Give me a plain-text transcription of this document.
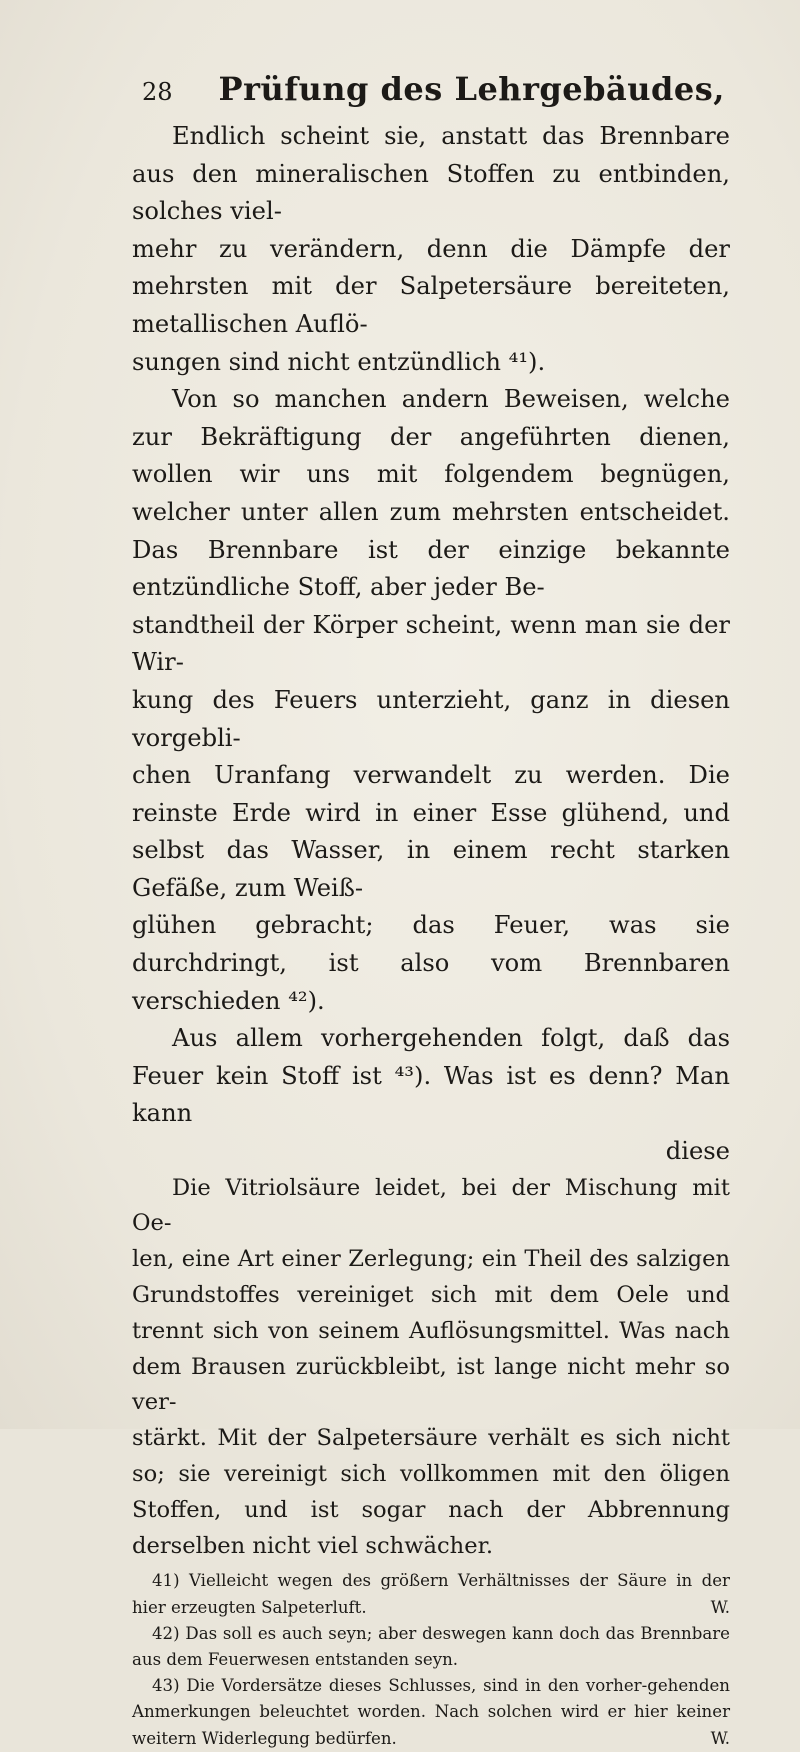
28 Prüfung des Lehrgebäudes,

Endlich scheint sie, anstatt das Brennbare aus den mineralischen Stoffen zu entbinden, solches viel-

mehr zu verändern, denn die Dämpfe der mehrsten mit der Salpetersäure bereiteten, metallischen Auflö-

sungen sind nicht entzündlich ⁴¹).

Von so manchen andern Beweisen, welche zur Bekräftigung der angeführten dienen, wollen wir uns mit folgendem begnügen, welcher unter allen zum mehrsten entscheidet. Das Brennbare ist der einzige bekannte entzündliche Stoff, aber jeder Be-

standtheil der Körper scheint, wenn man sie der Wir-

kung des Feuers unterzieht, ganz in diesen vorgebli-

chen Uranfang verwandelt zu werden. Die reinste Erde wird in einer Esse glühend, und selbst das Wasser, in einem recht starken Gefäße, zum Weiß-

glühen gebracht; das Feuer, was sie durchdringt, ist also vom Brennbaren verschieden ⁴²).

Aus allem vorhergehenden folgt, daß das Feuer kein Stoff ist ⁴³). Was ist es denn? Man kann

diese

Die Vitriolsäure leidet, bei der Mischung mit Oe-

len, eine Art einer Zerlegung; ein Theil des salzigen Grundstoffes vereiniget sich mit dem Oele und trennt sich von seinem Auflösungsmittel. Was nach dem Brausen zurückbleibt, ist lange nicht mehr so ver-

stärkt. Mit der Salpetersäure verhält es sich nicht so; sie vereinigt sich vollkommen mit den öligen Stoffen, und ist sogar nach der Abbrennung derselben nicht viel schwächer.

41) Vielleicht wegen des größern Verhältnisses der Säure in der hier erzeugten Salpeterluft.	W.

42) Das soll es auch seyn; aber deswegen kann doch das Brennbare aus dem Feuerwesen entstanden seyn.

43) Die Vordersätze dieses Schlusses, sind in den vorher-gehenden Anmerkungen beleuchtet worden. Nach solchen wird er hier keiner weitern Widerlegung bedürfen.	W.
